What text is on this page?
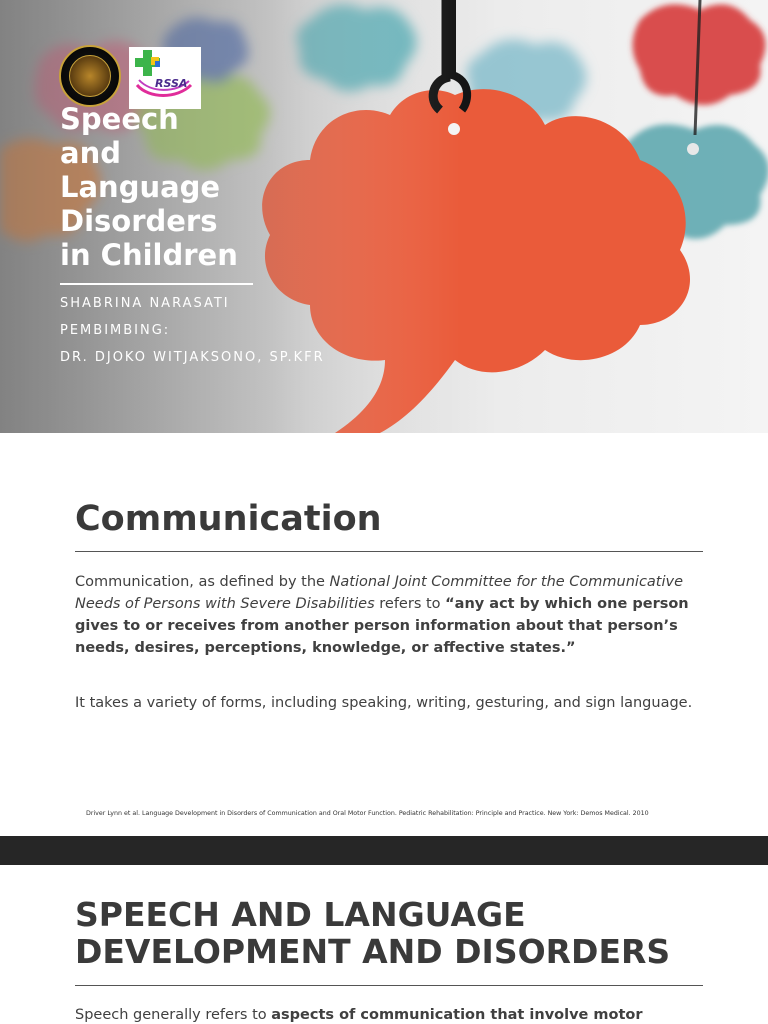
RSSA
Speech
and
Language
Disorders
in Children
SHABRINA NARASATI
PEMBIMBING:
DR. DJOKO WITJAKSONO, SP.KFR
Communication

Communication, as defined by the National Joint Committee for the Communicative Needs of Persons with Severe Disabilities refers to “any act by which one person gives to or receives from another person information about that person’s needs, desires, perceptions, knowledge, or affective states.”

It takes a variety of forms, including speaking, writing, gesturing, and sign language.

Driver Lynn et al. Language Development in Disorders of Communication and Oral Motor Function. Pediatric Rehabilitation: Principle and Practice. New York: Demos Medical. 2010
SPEECH AND LANGUAGE DEVELOPMENT AND DISORDERS

Speech generally refers to aspects of communication that involve motor
